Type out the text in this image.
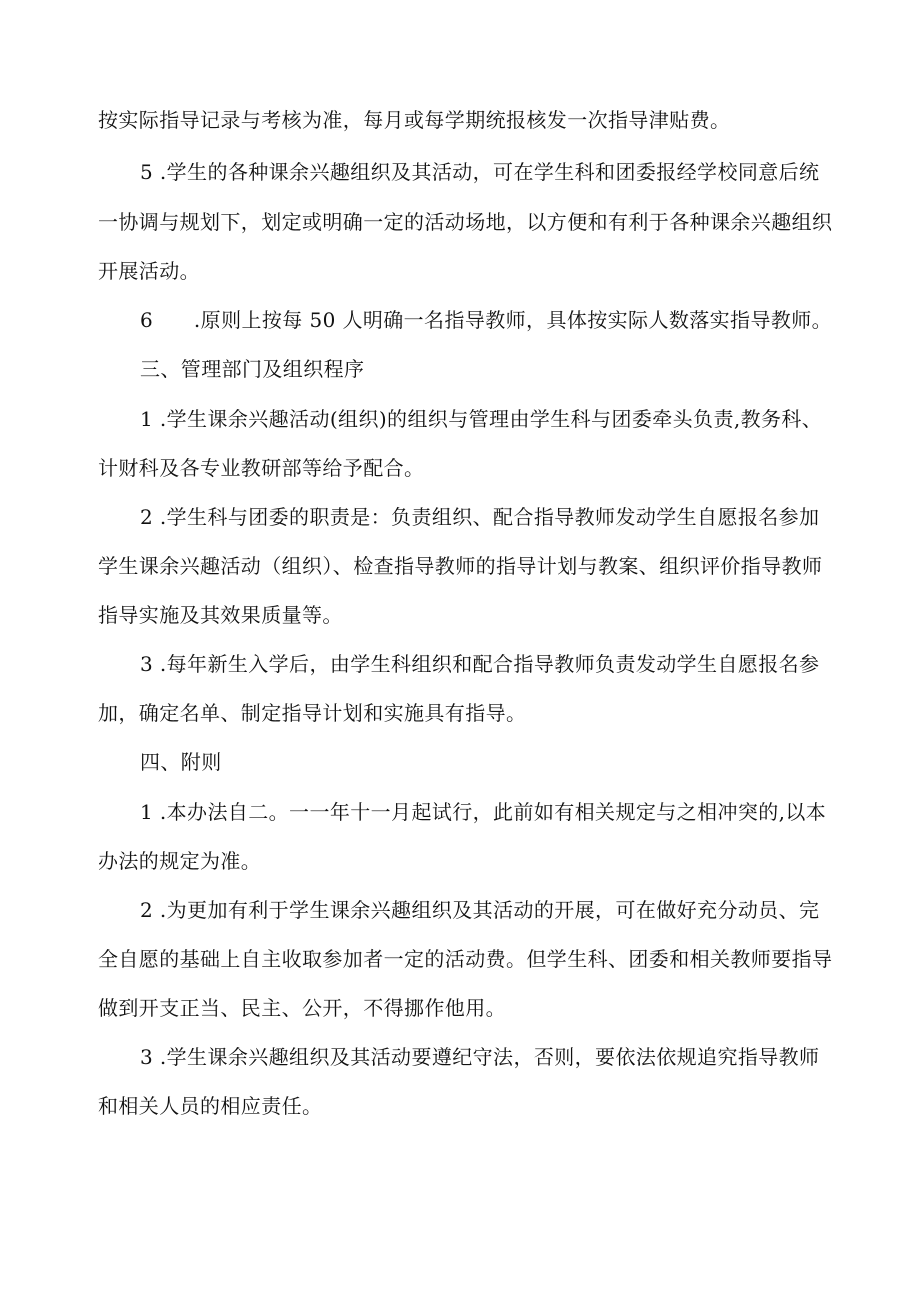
按实际指导记录与考核为准，每月或每学期统报核发一次指导津贴费。
5 .学生的各种课余兴趣组织及其活动，可在学生科和团委报经学校同意后统
一协调与规划下，划定或明确一定的活动场地，以方便和有利于各种课余兴趣组织
开展活动。
6　　.原则上按每 50 人明确一名指导教师，具体按实际人数落实指导教师。
三、管理部门及组织程序
1 .学生课余兴趣活动(组织)的组织与管理由学生科与团委牵头负责,教务科、
计财科及各专业教研部等给予配合。
2 .学生科与团委的职责是：负责组织、配合指导教师发动学生自愿报名参加
学生课余兴趣活动（组织）、检查指导教师的指导计划与教案、组织评价指导教师
指导实施及其效果质量等。
3 .每年新生入学后，由学生科组织和配合指导教师负责发动学生自愿报名参
加，确定名单、制定指导计划和实施具有指导。
四、附则
1 .本办法自二。一一年十一月起试行，此前如有相关规定与之相冲突的,以本
办法的规定为准。
2 .为更加有利于学生课余兴趣组织及其活动的开展，可在做好充分动员、完
全自愿的基础上自主收取参加者一定的活动费。但学生科、团委和相关教师要指导
做到开支正当、民主、公开，不得挪作他用。
3 .学生课余兴趣组织及其活动要遵纪守法，否则，要依法依规追究指导教师
和相关人员的相应责任。
